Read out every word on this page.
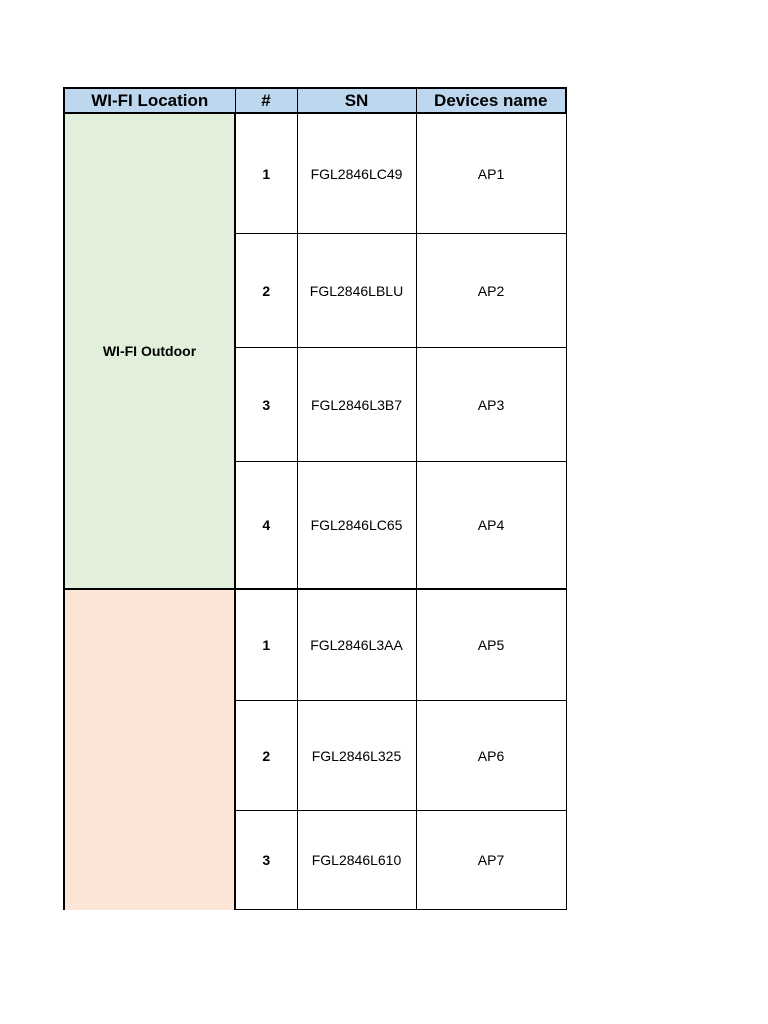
WI-FI Location	#	SN	Devices name
WI-FI Outdoor	1	FGL2846LC49	AP1
	2	FGL2846LBLU	AP2
	3	FGL2846L3B7	AP3
	4	FGL2846LC65	AP4
	1	FGL2846L3AA	AP5
	2	FGL2846L325	AP6
	3	FGL2846L610	AP7
